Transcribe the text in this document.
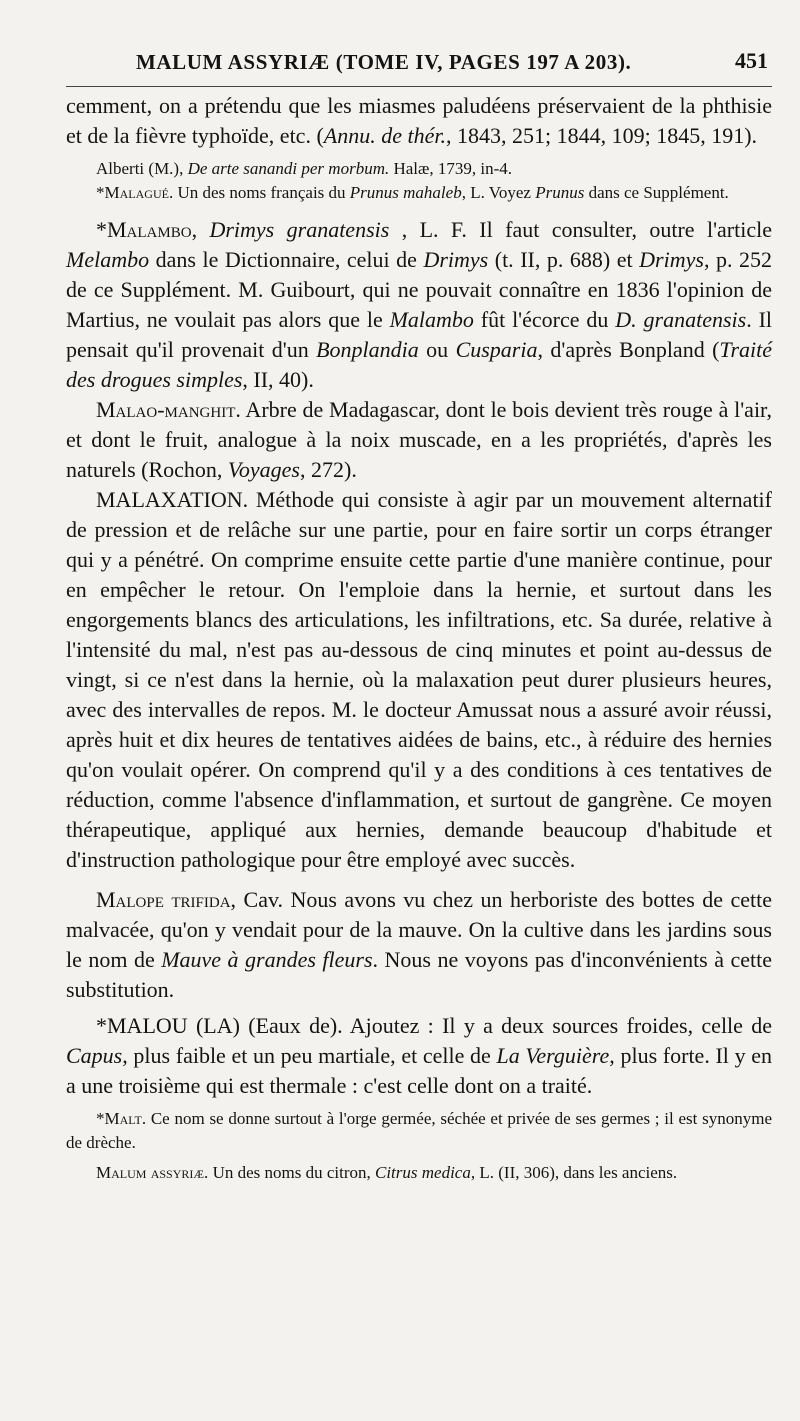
MALUM ASSYRIÆ (TOME IV, PAGES 197 A 203).	451

cemment, on a prétendu que les miasmes paludéens préservaient de la phthisie et de la fièvre typhoïde, etc. (Annu. de thér., 1843, 251; 1844, 109; 1845, 191).

Alberti (M.), De arte sanandi per morbum. Halæ, 1739, in-4.

*Malagué. Un des noms français du Prunus mahaleb, L. Voyez Prunus dans ce Supplément.

*Malambo, Drimys granatensis , L. F. Il faut consulter, outre l'article Melambo dans le Dictionnaire, celui de Drimys (t. II, p. 688) et Drimys, p. 252 de ce Supplément. M. Guibourt, qui ne pouvait connaître en 1836 l'opinion de Martius, ne voulait pas alors que le Malambo fût l'écorce du D. granatensis. Il pensait qu'il provenait d'un Bonplandia ou Cusparia, d'après Bonpland (Traité des drogues simples, II, 40).

Malao-manghit. Arbre de Madagascar, dont le bois devient très rouge à l'air, et dont le fruit, analogue à la noix muscade, en a les propriétés, d'après les naturels (Rochon, Voyages, 272).

MALAXATION. Méthode qui consiste à agir par un mouvement alternatif de pression et de relâche sur une partie, pour en faire sortir un corps étranger qui y a pénétré. On comprime ensuite cette partie d'une manière continue, pour en empêcher le retour. On l'emploie dans la hernie, et surtout dans les engorgements blancs des articulations, les infiltrations, etc. Sa durée, relative à l'intensité du mal, n'est pas au-dessous de cinq minutes et point au-dessus de vingt, si ce n'est dans la hernie, où la malaxation peut durer plusieurs heures, avec des intervalles de repos. M. le docteur Amussat nous a assuré avoir réussi, après huit et dix heures de tentatives aidées de bains, etc., à réduire des hernies qu'on voulait opérer. On comprend qu'il y a des conditions à ces tentatives de réduction, comme l'absence d'inflammation, et surtout de gangrène. Ce moyen thérapeutique, appliqué aux hernies, demande beaucoup d'habitude et d'instruction pathologique pour être employé avec succès.

Malope trifida, Cav. Nous avons vu chez un herboriste des bottes de cette malvacée, qu'on y vendait pour de la mauve. On la cultive dans les jardins sous le nom de Mauve à grandes fleurs. Nous ne voyons pas d'inconvénients à cette substitution.

*MALOU (LA) (Eaux de). Ajoutez : Il y a deux sources froides, celle de Capus, plus faible et un peu martiale, et celle de La Verguière, plus forte. Il y en a une troisième qui est thermale : c'est celle dont on a traité.

*Malt. Ce nom se donne surtout à l'orge germée, séchée et privée de ses germes ; il est synonyme de drèche.

Malum assyriæ. Un des noms du citron, Citrus medica, L. (II, 306), dans les anciens.
